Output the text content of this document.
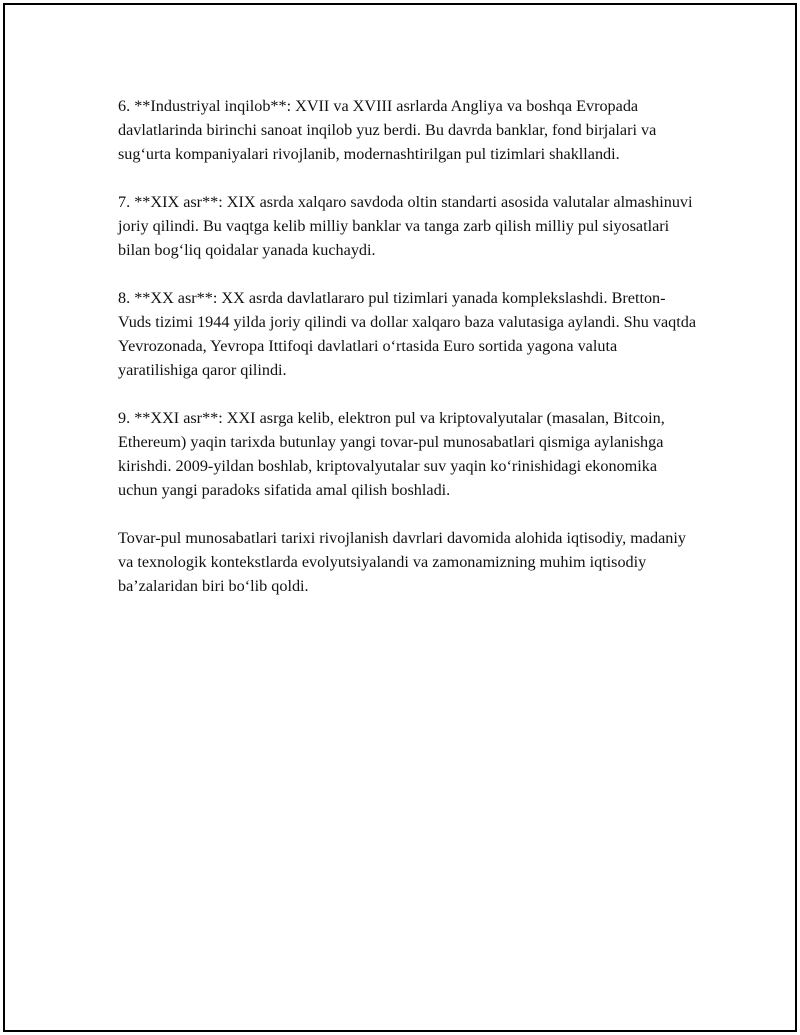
6. **Industriyal inqilob**: XVII va XVIII asrlarda Angliya va boshqa Evropada davlatlarinda birinchi sanoat inqilob yuz berdi. Bu davrda banklar, fond birjalari va sug‘urta kompaniyalari rivojlanib, modernashtirilgan pul tizimlari shakllandi.

7. **XIX asr**: XIX asrda xalqaro savdoda oltin standarti asosida valutalar almashinuvi joriy qilindi. Bu vaqtga kelib milliy banklar va tanga zarb qilish milliy pul siyosatlari bilan bog‘liq qoidalar yanada kuchaydi.

8. **XX asr**: XX asrda davlatlararo pul tizimlari yanada komplekslashdi. Bretton-Vuds tizimi 1944 yilda joriy qilindi va dollar xalqaro baza valutasiga aylandi. Shu vaqtda Yevrozonada, Yevropa Ittifoqi davlatlari o‘rtasida Euro sortida yagona valuta yaratilishiga qaror qilindi.

9. **XXI asr**: XXI asrga kelib, elektron pul va kriptovalyutalar (masalan, Bitcoin, Ethereum) yaqin tarixda butunlay yangi tovar-pul munosabatlari qismiga aylanishga kirishdi. 2009-yildan boshlab, kriptovalyutalar suv yaqin ko‘rinishidagi ekonomika uchun yangi paradoks sifatida amal qilish boshladi.

Tovar-pul munosabatlari tarixi rivojlanish davrlari davomida alohida iqtisodiy, madaniy va texnologik kontekstlarda evolyutsiyalandi va zamonamizning muhim iqtisodiy ba’zalaridan biri bo‘lib qoldi.
